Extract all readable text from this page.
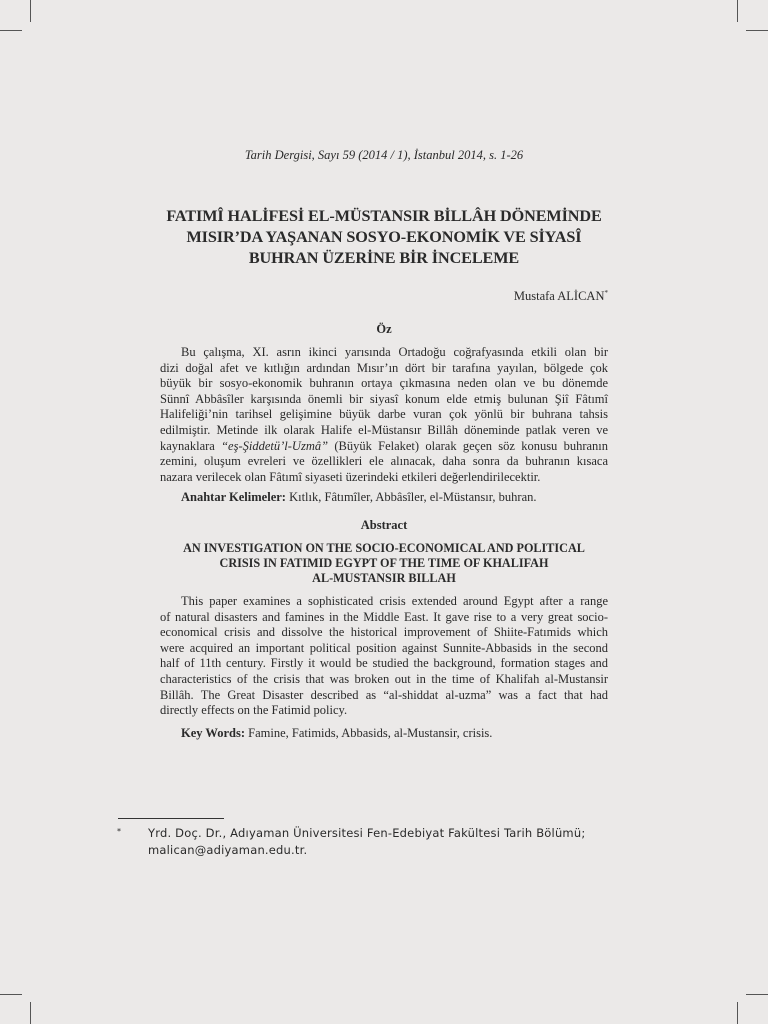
Tarih Dergisi, Sayı 59 (2014 / 1), İstanbul 2014, s. 1-26
FATIMÎ HALİFESİ EL-MÜSTANSIR BİLLÂH DÖNEMİNDE
MISIR’DA YAŞANAN SOSYO-EKONOMİK VE SİYASÎ
BUHRAN ÜZERİNE BİR İNCELEME
Mustafa ALİCAN*
Öz
Bu çalışma, XI. asrın ikinci yarısında Ortadoğu coğrafyasında etkili olan bir
dizi doğal afet ve kıtlığın ardından Mısır’ın dört bir tarafına yayılan, bölgede çok
büyük bir sosyo-ekonomik buhranın ortaya çıkmasına neden olan ve bu dönemde
Sünnî Abbâsîler karşısında önemli bir siyasî konum elde etmiş bulunan Şiî Fâtımî
Halifeliği’nin tarihsel gelişimine büyük darbe vuran çok yönlü bir buhrana tahsis
edilmiştir. Metinde ilk olarak Halife el-Müstansır Billâh döneminde patlak veren ve
kaynaklara “eş-Şiddetü’l-Uzmâ” (Büyük Felaket) olarak geçen söz konusu buhranın
zemini, oluşum evreleri ve özellikleri ele alınacak, daha sonra da buhranın kısaca
nazara verilecek olan Fâtımî siyaseti üzerindeki etkileri değerlendirilecektir.
Anahtar Kelimeler: Kıtlık, Fâtımîler, Abbâsîler, el-Müstansır, buhran.
Abstract
AN INVESTIGATION ON THE SOCIO-ECONOMICAL AND POLITICAL
CRISIS IN FATIMID EGYPT OF THE TIME OF KHALIFAH
AL-MUSTANSIR BILLAH
This paper examines a sophisticated crisis extended around Egypt after a range
of natural disasters and famines in the Middle East. It gave rise to a very great socio-
economical crisis and dissolve the historical improvement of Shiite-Fatımids which
were acquired an important political position against Sunnite-Abbasids in the second
half of 11th century. Firstly it would be studied the background, formation stages and
characteristics of the crisis that was broken out in the time of Khalifah al-Mustansir
Billâh. The Great Disaster described as “al-shiddat al-uzma” was a fact that had
directly effects on the Fatimid policy.
Key Words: Famine, Fatimids, Abbasids, al-Mustansir, crisis.
*	Yrd. Doç. Dr., Adıyaman Üniversitesi Fen-Edebiyat Fakültesi Tarih Bölümü;
malican@adiyaman.edu.tr.
